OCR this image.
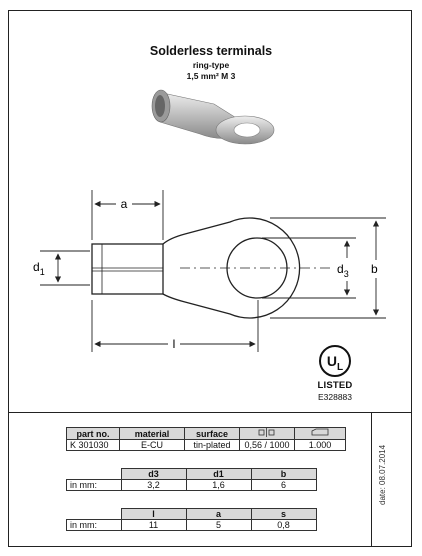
Solderless terminals
ring-type
1,5 mm² M 3
a
l
$d_1$	$d_3$ b
$U_L$
LISTED
E328883
part no.	material	surface		
K 301030	E-CU	tin-plated	0,56 / 1000	1.000
	d3	d1	b
in mm:	3,2	1,6	6
	l	a	s
in mm:	11	5	0,8
date: 08.07.2014
